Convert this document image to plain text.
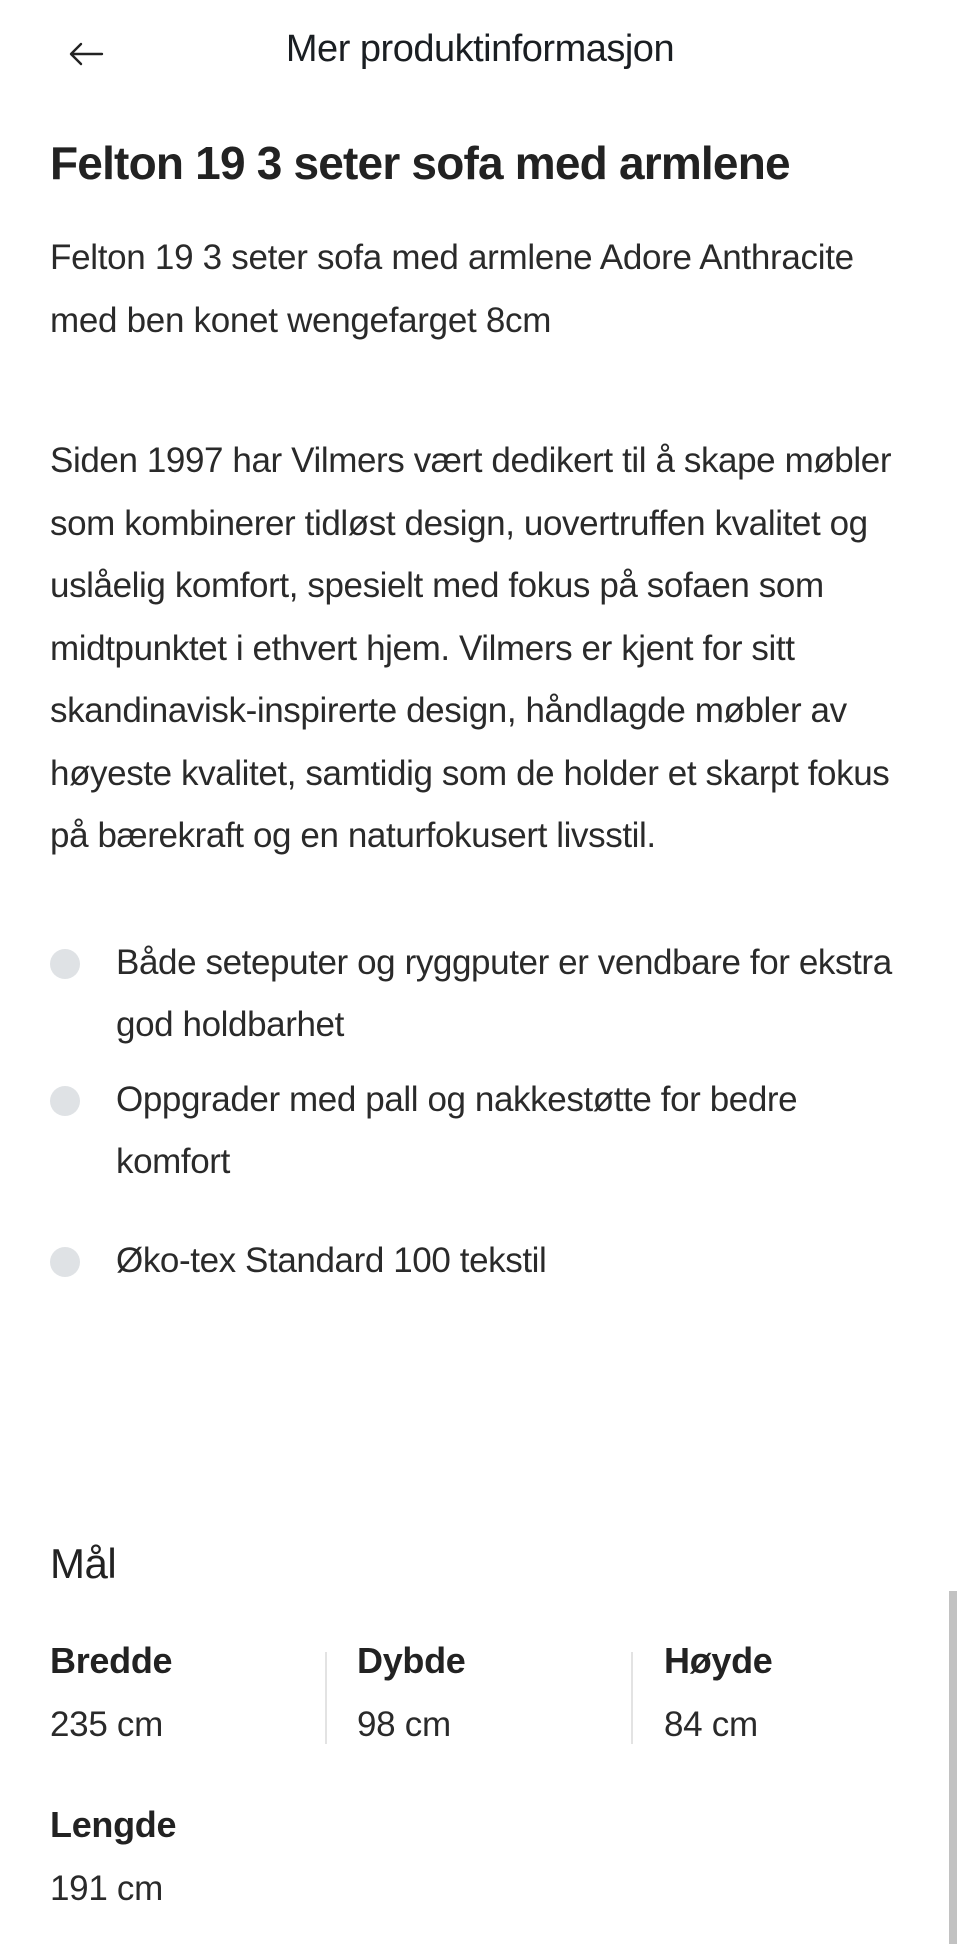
Mer produktinformasjon
Felton 19 3 seter sofa med armlene

Felton 19 3 seter sofa med armlene Adore Anthracite med ben konet wengefarget 8cm

Siden 1997 har Vilmers vært dedikert til å skape møbler som kombinerer tidløst design, uovertruffen kvalitet og uslåelig komfort, spesielt med fokus på sofaen som midtpunktet i ethvert hjem. Vilmers er kjent for sitt skandinavisk-inspirerte design, håndlagde møbler av høyeste kvalitet, samtidig som de holder et skarpt fokus på bærekraft og en naturfokusert livsstil.

Både seteputer og ryggputer er vendbare for ekstra god holdbarhet
Oppgrader med pall og nakkestøtte for bedre komfort
Øko-tex Standard 100 tekstil
Mål
Bredde
235 cm
Dybde
98 cm
Høyde
84 cm
Lengde
191 cm
